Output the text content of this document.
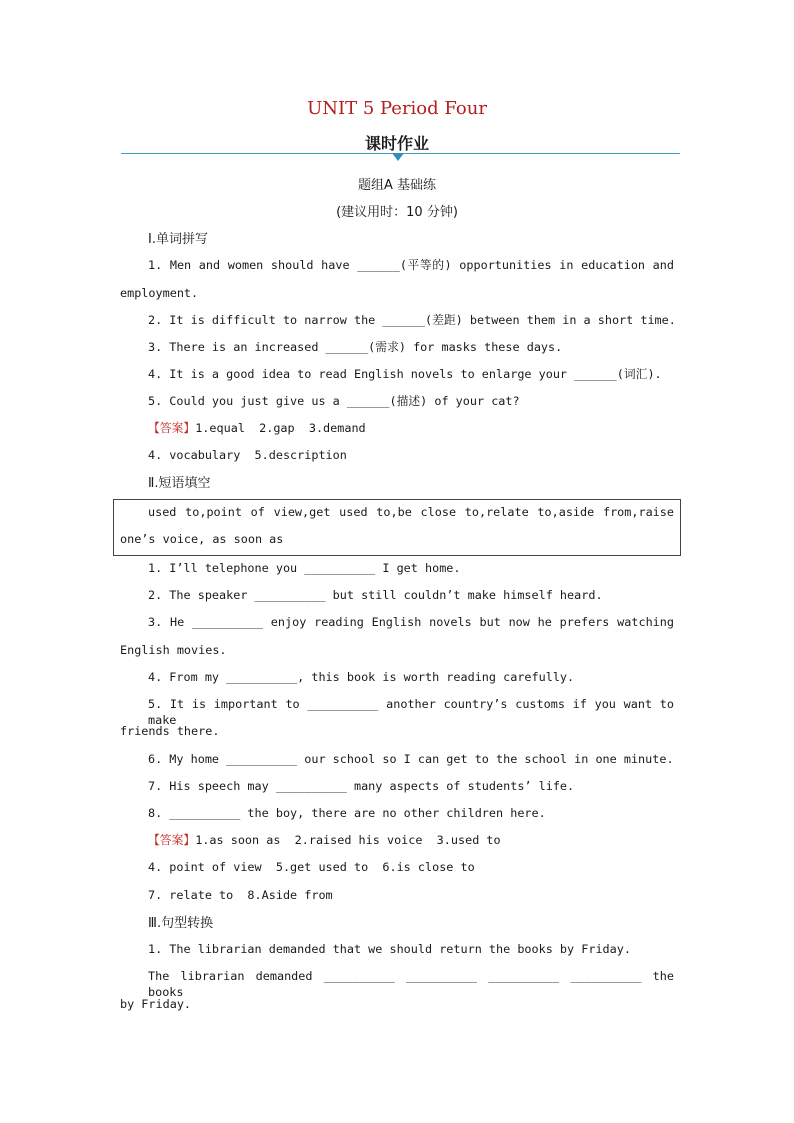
UNIT 5 Period Four
课时作业
题组A 基础练
(建议用时：10 分钟)
Ⅰ.单词拼写
1. Men and women should have ______(平等的) opportunities in education and
employment.
2. It is difficult to narrow the ______(差距) between them in a short time.
3. There is an increased ______(需求) for masks these days.
4. It is a good idea to read English novels to enlarge your ______(词汇).
5. Could you just give us a ______(描述) of your cat?
【答案】1.equal  2.gap  3.demand
4. vocabulary  5.description
Ⅱ.短语填空
used to,point of view,get used to,be close to,relate to,aside from,raise
one’s voice, as soon as
1. I’ll telephone you __________ I get home.
2. The speaker __________ but still couldn’t make himself heard.
3. He __________ enjoy reading English novels but now he prefers watching
English movies.
4. From my __________, this book is worth reading carefully.
5. It is important to __________ another country’s customs if you want to make
friends there.
6. My home __________ our school so I can get to the school in one minute.
7. His speech may __________ many aspects of students’ life.
8. __________ the boy, there are no other children here.
【答案】1.as soon as  2.raised his voice  3.used to
4. point of view  5.get used to  6.is close to
7. relate to  8.Aside from
Ⅲ.句型转换
1. The librarian demanded that we should return the books by Friday.
The librarian demanded __________ __________ __________ __________ the books
by Friday.
